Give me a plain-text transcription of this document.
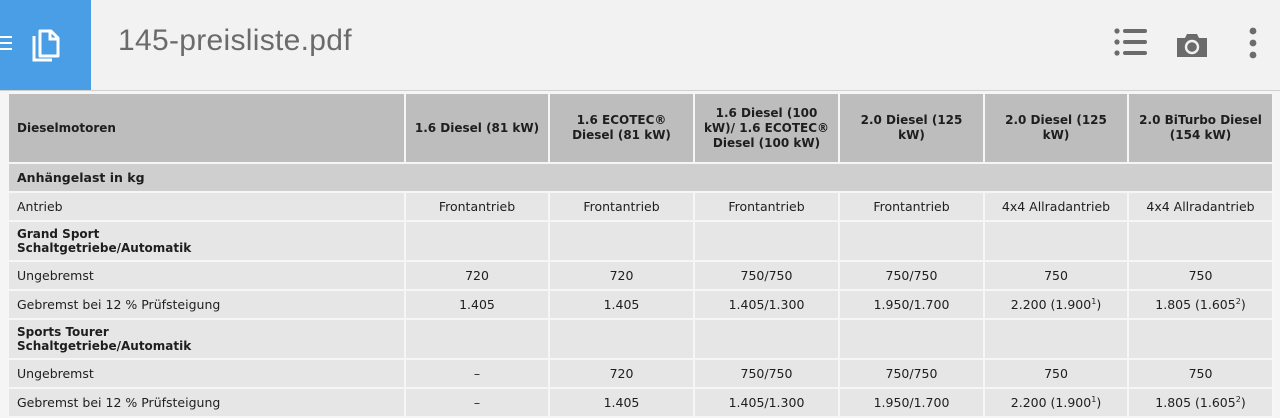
145-preisliste.pdf
Dieselmotoren	1.6 Diesel (81 kW)	1.6 ECOTEC® Diesel (81 kW)	1.6 Diesel (100 kW)/ 1.6 ECOTEC® Diesel (100 kW)	2.0 Diesel (125 kW)	2.0 Diesel (125 kW)	2.0 BiTurbo Diesel (154 kW)
Anhängelast in kg						
Antrieb	Frontantrieb	Frontantrieb	Frontantrieb	Frontantrieb	4x4 Allradantrieb	4x4 Allradantrieb
Grand Sport
Schaltgetriebe/Automatik						
Ungebremst	720	720	750/750	750/750	750	750
Gebremst bei 12 % Prüfsteigung	1.405	1.405	1.405/1.300	1.950/1.700	2.200 (1.900$^1$)	1.805 (1.605$^2$)
Sports Tourer
Schaltgetriebe/Automatik						
Ungebremst	–	720	750/750	750/750	750	750
Gebremst bei 12 % Prüfsteigung	–	1.405	1.405/1.300	1.950/1.700	2.200 (1.900$^1$)	1.805 (1.605$^2$)
